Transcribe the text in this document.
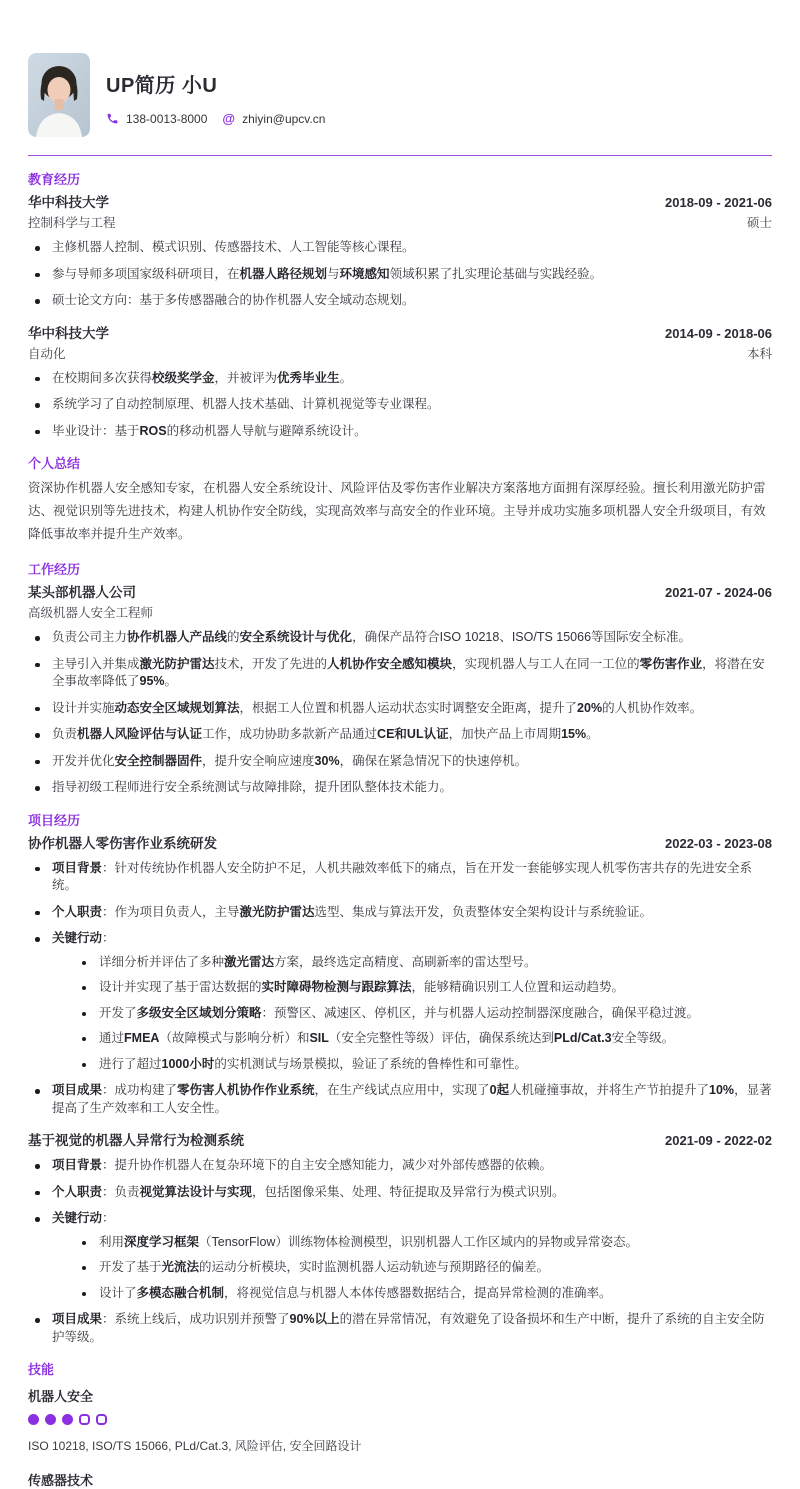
UP简历 小U
138-0013-8000 @ zhiyin@upcv.cn
教育经历
华中科技大学	2018-09 - 2021-06
控制科学与工程	硕士
主修机器人控制、模式识别、传感器技术、人工智能等核心课程。
参与导师多项国家级科研项目，在机器人路径规划与环境感知领域积累了扎实理论基础与实践经验。
硕士论文方向：基于多传感器融合的协作机器人安全域动态规划。
华中科技大学	2014-09 - 2018-06
自动化	本科
在校期间多次获得校级奖学金，并被评为优秀毕业生。
系统学习了自动控制原理、机器人技术基础、计算机视觉等专业课程。
毕业设计：基于ROS的移动机器人导航与避障系统设计。
个人总结

资深协作机器人安全感知专家，在机器人安全系统设计、风险评估及零伤害作业解决方案落地方面拥有深厚经验。擅长利用激光防护雷达、视觉识别等先进技术，构建人机协作安全防线，实现高效率与高安全的作业环境。主导并成功实施多项机器人安全升级项目，有效降低事故率并提升生产效率。

工作经历
某头部机器人公司	2021-07 - 2024-06
高级机器人安全工程师
负责公司主力协作机器人产品线的安全系统设计与优化，确保产品符合ISO 10218、ISO/TS 15066等国际安全标准。
主导引入并集成激光防护雷达技术，开发了先进的人机协作安全感知模块，实现机器人与工人在同一工位的零伤害作业，将潜在安全事故率降低了95%。
设计并实施动态安全区域规划算法，根据工人位置和机器人运动状态实时调整安全距离，提升了20%的人机协作效率。
负责机器人风险评估与认证工作，成功协助多款新产品通过CE和UL认证，加快产品上市周期15%。
开发并优化安全控制器固件，提升安全响应速度30%，确保在紧急情况下的快速停机。
指导初级工程师进行安全系统测试与故障排除，提升团队整体技术能力。
项目经历
协作机器人零伤害作业系统研发	2022-03 - 2023-08
项目背景：针对传统协作机器人安全防护不足，人机共融效率低下的痛点，旨在开发一套能够实现人机零伤害共存的先进安全系统。
个人职责：作为项目负责人，主导激光防护雷达选型、集成与算法开发，负责整体安全架构设计与系统验证。
关键行动：
详细分析并评估了多种激光雷达方案，最终选定高精度、高刷新率的雷达型号。
设计并实现了基于雷达数据的实时障碍物检测与跟踪算法，能够精确识别工人位置和运动趋势。
开发了多级安全区域划分策略：预警区、减速区、停机区，并与机器人运动控制器深度融合，确保平稳过渡。
通过FMEA（故障模式与影响分析）和SIL（安全完整性等级）评估，确保系统达到PLd/Cat.3安全等级。
进行了超过1000小时的实机测试与场景模拟，验证了系统的鲁棒性和可靠性。
项目成果：成功构建了零伤害人机协作作业系统，在生产线试点应用中，实现了0起人机碰撞事故，并将生产节拍提升了10%，显著提高了生产效率和工人安全性。
基于视觉的机器人异常行为检测系统	2021-09 - 2022-02
项目背景：提升协作机器人在复杂环境下的自主安全感知能力，减少对外部传感器的依赖。
个人职责：负责视觉算法设计与实现，包括图像采集、处理、特征提取及异常行为模式识别。
关键行动：
利用深度学习框架（TensorFlow）训练物体检测模型，识别机器人工作区域内的异物或异常姿态。
开发了基于光流法的运动分析模块，实时监测机器人运动轨迹与预期路径的偏差。
设计了多模态融合机制，将视觉信息与机器人本体传感器数据结合，提高异常检测的准确率。
项目成果：系统上线后，成功识别并预警了90%以上的潜在异常情况，有效避免了设备损坏和生产中断，提升了系统的自主安全防护等级。
技能
机器人安全
ISO 10218, ISO/TS 15066, PLd/Cat.3, 风险评估, 安全回路设计
传感器技术
